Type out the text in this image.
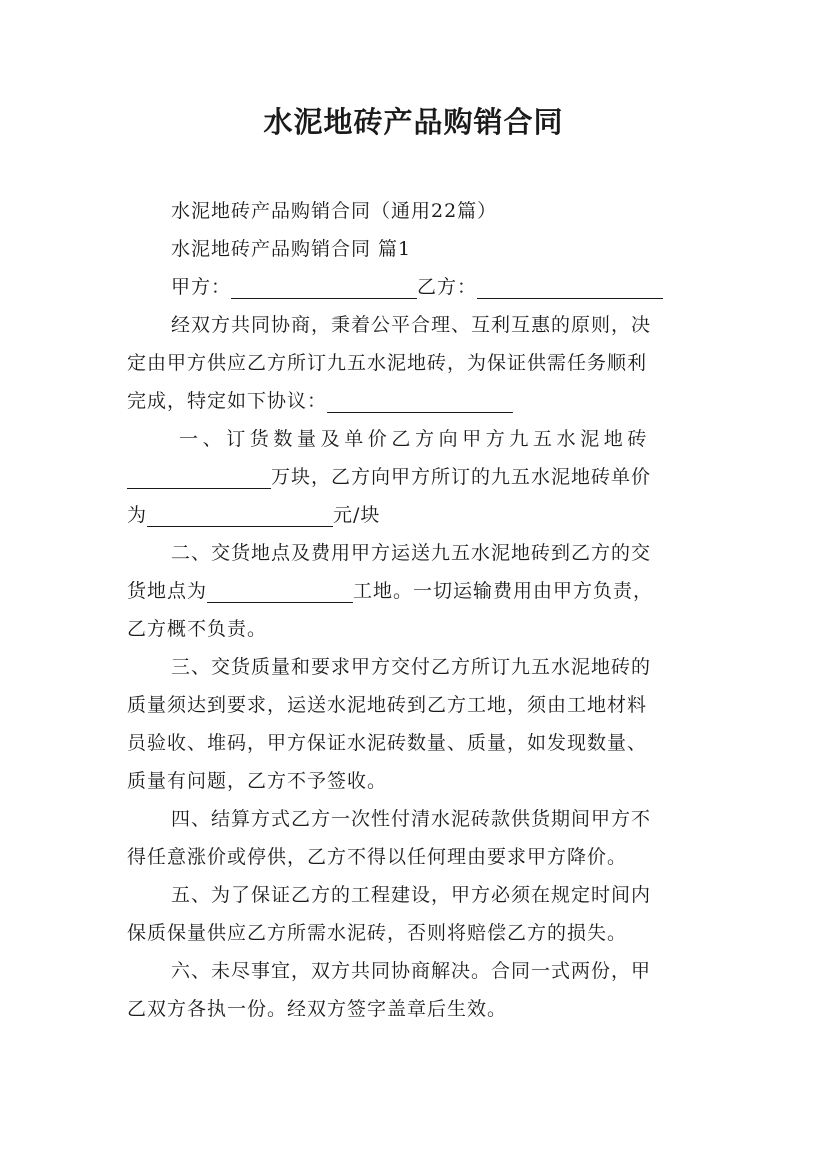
水泥地砖产品购销合同

水泥地砖产品购销合同（通用22篇）

水泥地砖产品购销合同 篇1

甲方：	乙方：

经双方共同协商，秉着公平合理、互利互惠的原则，决

定由甲方供应乙方所订九五水泥地砖，为保证供需任务顺利

完成，特定如下协议：

一、订货数量及单价乙方向甲方九五水泥地砖

万块，乙方向甲方所订的九五水泥地砖单价

为	元/块

二、交货地点及费用甲方运送九五水泥地砖到乙方的交

货地点为	工地。一切运输费用由甲方负责，

乙方概不负责。

三、交货质量和要求甲方交付乙方所订九五水泥地砖的

质量须达到要求，运送水泥地砖到乙方工地，须由工地材料

员验收、堆码，甲方保证水泥砖数量、质量，如发现数量、

质量有问题，乙方不予签收。

四、结算方式乙方一次性付清水泥砖款供货期间甲方不

得任意涨价或停供，乙方不得以任何理由要求甲方降价。

五、为了保证乙方的工程建设，甲方必须在规定时间内

保质保量供应乙方所需水泥砖，否则将赔偿乙方的损失。

六、未尽事宜，双方共同协商解决。合同一式两份，甲

乙双方各执一份。经双方签字盖章后生效。
